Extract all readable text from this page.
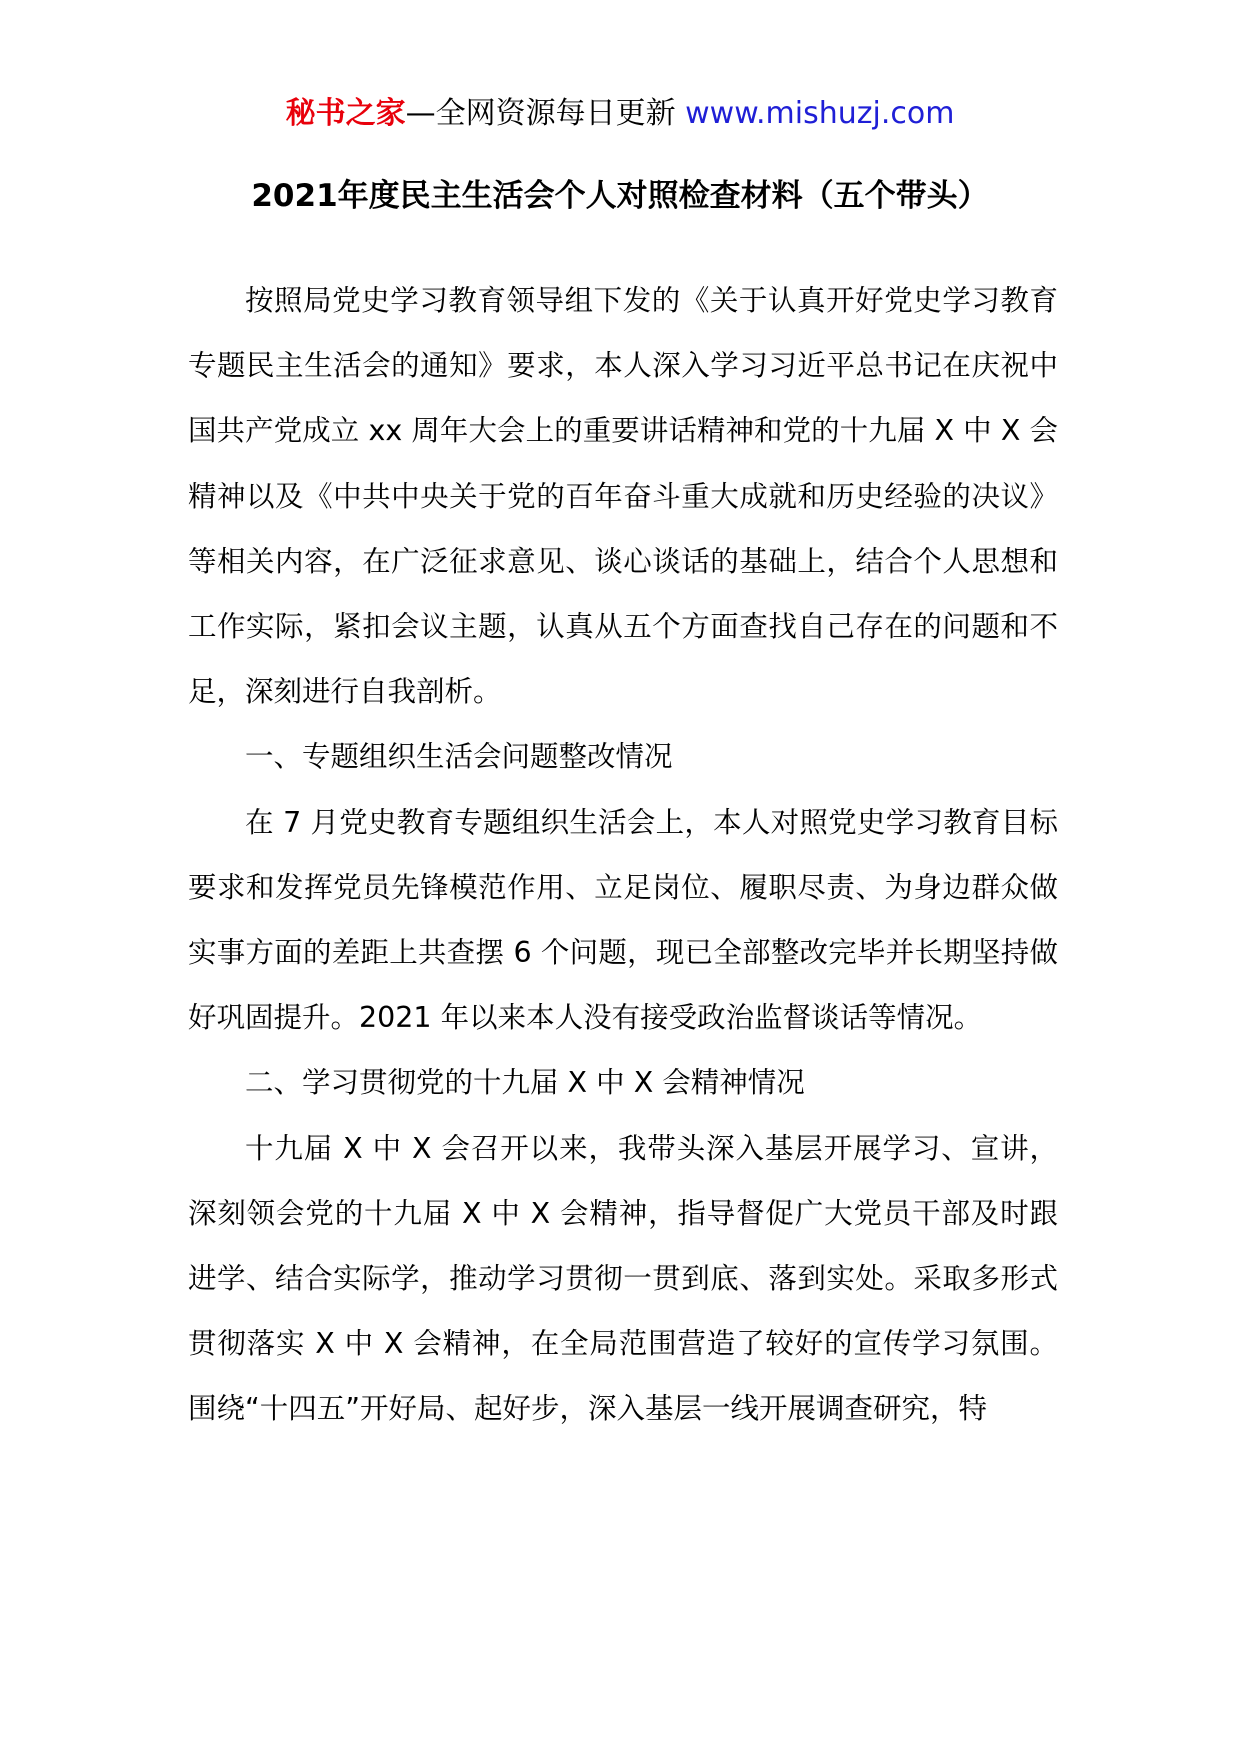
秘书之家—全网资源每日更新 www.mishuzj.com
2021年度民主生活会个人对照检查材料（五个带头）

按照局党史学习教育领导组下发的《关于认真开好党史学习教育专题民主生活会的通知》要求，本人深入学习习近平总书记在庆祝中国共产党成立 xx 周年大会上的重要讲话精神和党的十九届 X 中 X 会精神以及《中共中央关于党的百年奋斗重大成就和历史经验的决议》等相关内容，在广泛征求意见、谈心谈话的基础上，结合个人思想和工作实际，紧扣会议主题，认真从五个方面查找自己存在的问题和不足，深刻进行自我剖析。

一、专题组织生活会问题整改情况

在 7 月党史教育专题组织生活会上，本人对照党史学习教育目标要求和发挥党员先锋模范作用、立足岗位、履职尽责、为身边群众做实事方面的差距上共查摆 6 个问题，现已全部整改完毕并长期坚持做好巩固提升。2021 年以来本人没有接受政治监督谈话等情况。

二、学习贯彻党的十九届 X 中 X 会精神情况

十九届 X 中 X 会召开以来，我带头深入基层开展学习、宣讲，深刻领会党的十九届 X 中 X 会精神，指导督促广大党员干部及时跟进学、结合实际学，推动学习贯彻一贯到底、落到实处。采取多形式贯彻落实 X 中 X 会精神，在全局范围营造了较好的宣传学习氛围。围绕“十四五”开好局、起好步，深入基层一线开展调查研究，特
